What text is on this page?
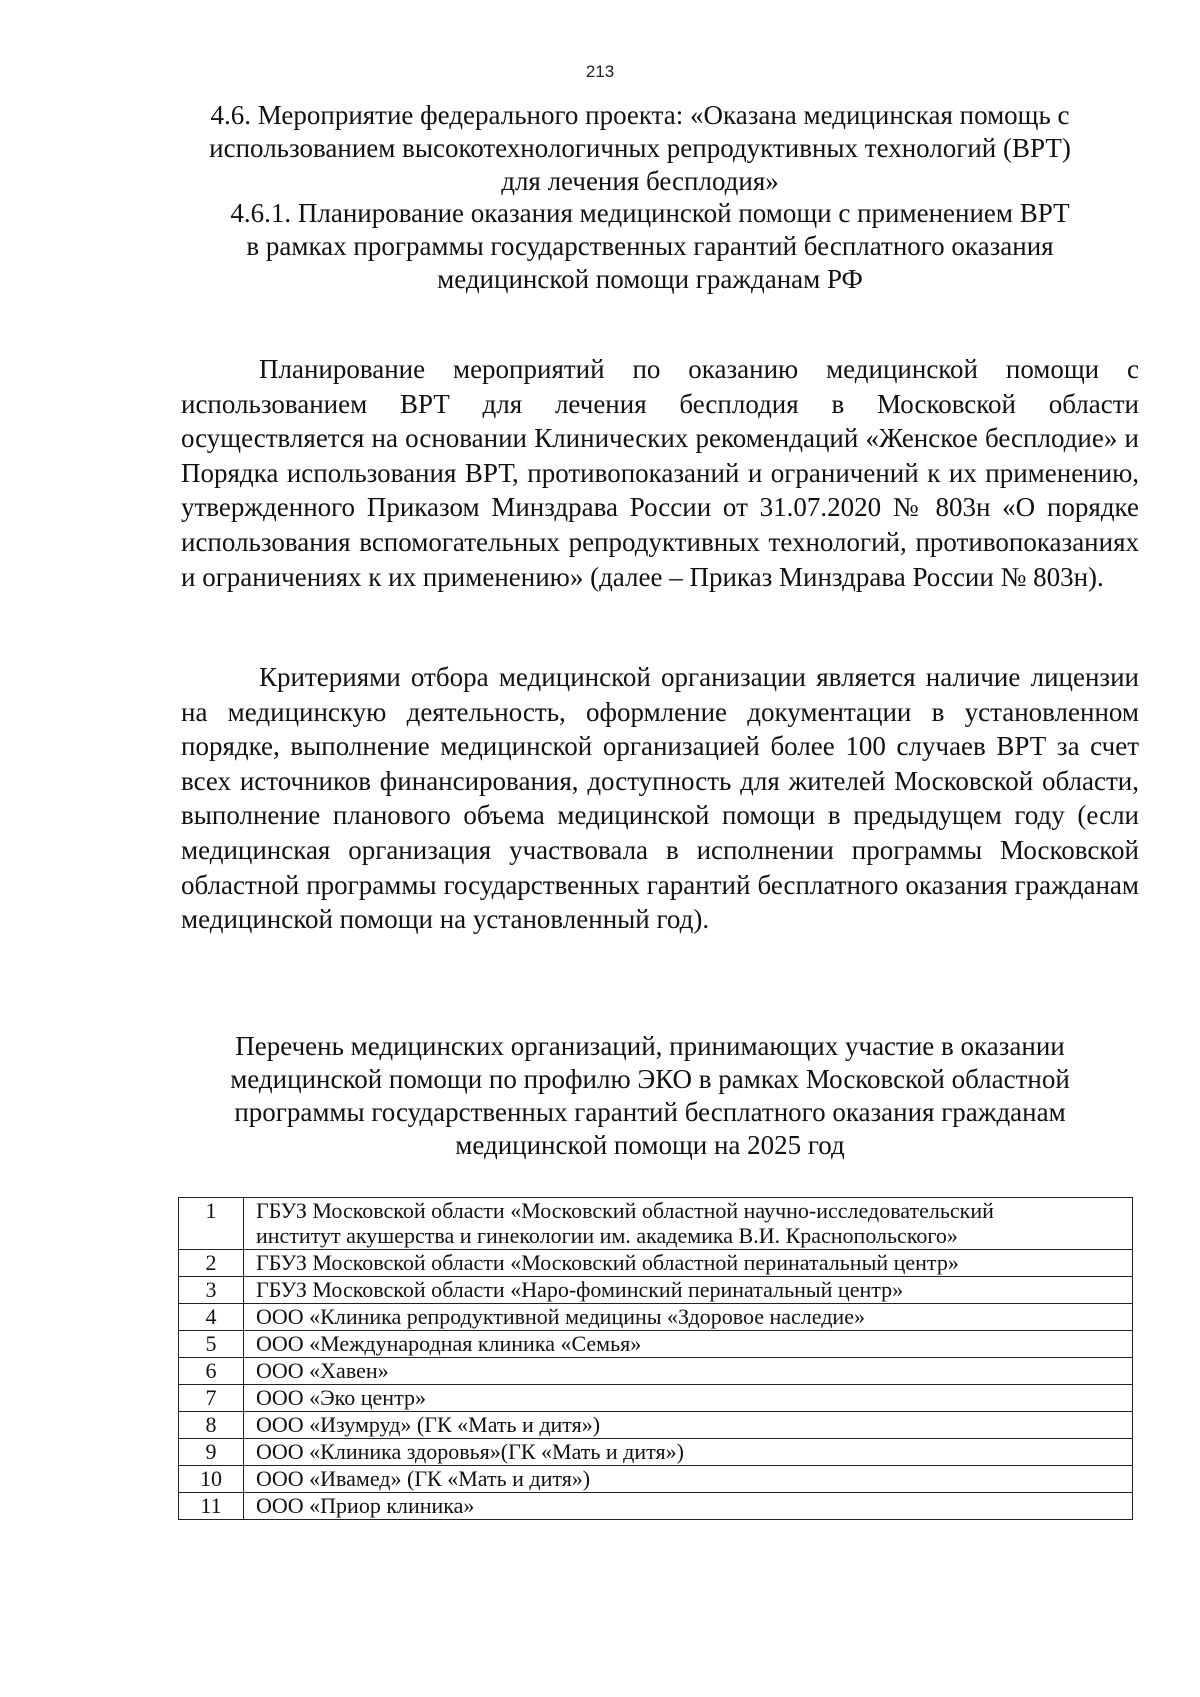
213
4.6. Мероприятие федерального проекта: «Оказана медицинская помощь с
использованием высокотехнологичных репродуктивных технологий (ВРТ)
для лечения бесплодия»
4.6.1. Планирование оказания медицинской помощи с применением ВРТ
в рамках программы государственных гарантий бесплатного оказания
медицинской помощи гражданам РФ

Планирование мероприятий по оказанию медицинской помощи с использованием ВРТ для лечения бесплодия в Московской области осуществляется на основании Клинических рекомендаций «Женское бесплодие» и Порядка использования ВРТ, противопоказаний и ограничений к их применению, утвержденного Приказом Минздрава России от 31.07.2020 № 803н «О порядке использования вспомогательных репродуктивных технологий, противопоказаниях и ограничениях к их применению» (далее – Приказ Минздрава России № 803н).

Критериями отбора медицинской организации является наличие лицензии на медицинскую деятельность, оформление документации в установленном порядке, выполнение медицинской организацией более 100 случаев ВРТ за счет всех источников финансирования, доступность для жителей Московской области, выполнение планового объема медицинской помощи в предыдущем году (если медицинская организация участвовала в исполнении программы Московской областной программы государственных гарантий бесплатного оказания гражданам медицинской помощи на установленный год).

Перечень медицинских организаций, принимающих участие в оказании
медицинской помощи по профилю ЭКО в рамках Московской областной
программы государственных гарантий бесплатного оказания гражданам
медицинской помощи на 2025 год
1	ГБУЗ Московской области «Московский областной научно-исследовательский
институт акушерства и гинекологии им. академика В.И. Краснопольского»
2	ГБУЗ Московской области «Московский областной перинатальный центр»
3	ГБУЗ Московской области «Наро-фоминский перинатальный центр»
4	ООО «Клиника репродуктивной медицины «Здоровое наследие»
5	ООО «Международная клиника «Семья»
6	ООО «Хавен»
7	ООО «Эко центр»
8	ООО «Изумруд» (ГК «Мать и дитя»)
9	ООО «Клиника здоровья»(ГК «Мать и дитя»)
10	ООО «Ивамед» (ГК «Мать и дитя»)
11	ООО «Приор клиника»
